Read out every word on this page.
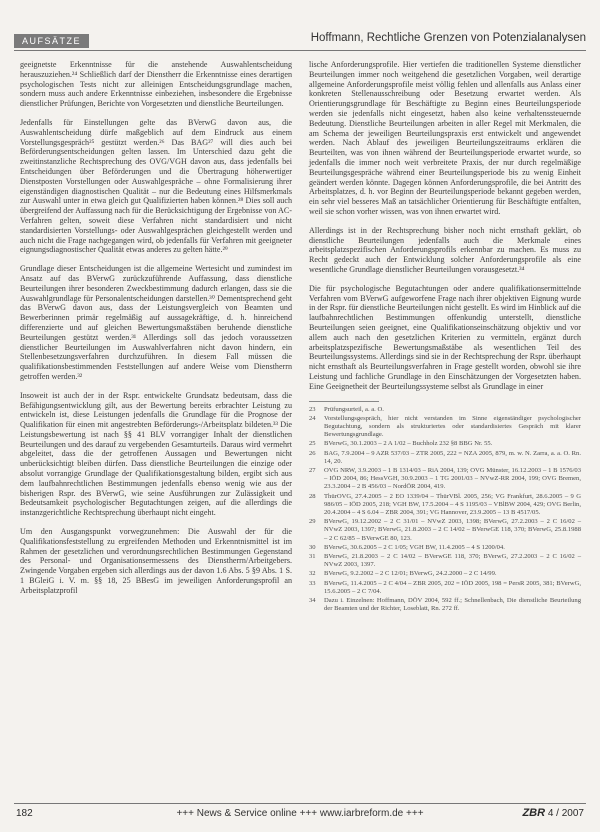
AUFSÄTZE	Hoffmann, Rechtliche Grenzen von Potenzialanalysen

geeignetste Erkenntnisse für die anstehende Auswahlentscheidung herauszuziehen.²⁴ Schließlich darf der Dienstherr die Erkenntnisse eines derartigen psychologischen Tests nicht zur alleinigen Entscheidungsgrundlage machen, sondern muss auch andere Erkenntnisse einbeziehen, insbesondere die Ergebnisse dienstlicher Prüfungen, Berichte von Vorgesetzten und dienstliche Beurteilungen.

Jedenfalls für Einstellungen gelte das BVerwG davon aus, die Auswahlentscheidung dürfe maßgeblich auf dem Eindruck aus einem Vorstellungsgespräch²⁵ gestützt werden.²⁶ Das BAG²⁷ will dies auch bei Beförderungsentscheidungen gelten lassen. Im Unterschied dazu geht die zweitinstanzliche Rechtsprechung des OVG/VGH davon aus, dass jedenfalls bei Entscheidungen über Beförderungen und die Übertragung höherwertiger Dienstposten Vorstellungen oder Auswahlgespräche – ohne Formalisierung ihrer eigenständigen diagnostischen Qualität – nur die Bedeutung eines Hilfsmerkmals zur Auswahl unter in etwa gleich gut Qualifizierten haben können.²⁸ Dies soll auch übergreifend der Auffassung nach für die Berücksichtigung der Ergebnisse von AC-Verfahren gelten, soweit diese Verfahren nicht standardisiert und nicht standardisierten Vorstellungs- oder Auswahlgesprächen gleichgestellt werden und auch nicht die Frage nachgegangen wird, ob jedenfalls für Verfahren mit geeigneter eignungsdiagnostischer Qualität etwas anderes zu gelten hätte.²⁹

Grundlage dieser Entscheidungen ist die allgemeine Wertesicht und zumindest im Ansatz auf das BVerwG zurückzuführende Auffassung, dass dienstliche Beurteilungen ihrer besonderen Zweckbestimmung dadurch erlangen, dass sie die Auswahlgrundlage für Personalentscheidungen darstellen.³⁰ Dementsprechend geht das BVerwG davon aus, dass der Leistungsvergleich von Beamten und Bewerberinnen primär regelmäßig auf aussagekräftige, d. h. hinreichend differenzierte und auf gleichen Bewertungsmaßstäben beruhende dienstliche Beurteilungen gestützt werden.³¹ Allerdings soll das jedoch voraussetzen dienstlicher Beurteilungen im Auswahlverfahren nicht davon hindern, ein Stellenbesetzungsverfahren durchzuführen. In diesem Fall müssen die qualifikationsbestimmenden Feststellungen auf andere Weise vom Dienstherrn getroffen werden.³²

Insoweit ist auch der in der Rspr. entwickelte Grundsatz bedeutsam, dass die Befähigungsentwicklung gilt, aus der Bewertung bereits erbrachter Leistung zu entwickeln ist, diese Leistungen jedenfalls die Grundlage für die Prognose der Qualifikation für einen mit angestrebten Beförderungs-/Arbeitsplatz bildeten.³³ Die Leistungsbewertung ist nach §§ 41 BLV vorrangiger Inhalt der dienstlichen Beurteilungen und des darauf zu vergebenden Gesamturteils. Daraus wird vermehrt abgeleitet, dass die der getroffenen Aussagen und Bewertungen nicht unberücksichtigt bleiben dürfen. Dass dienstliche Beurteilungen die einzige oder absolut vorrangige Grundlage der Qualifikationsgestaltung bilden, ergibt sich aus dem laufbahnrechtlichen Bestimmungen jedenfalls ebenso wenig wie aus der bisherigen Rspr. des BVerwG, wie seine Ausführungen zur Zulässigkeit und Bedeutsamkeit psychologischer Begutachtungen zeigen, auf die allerdings die instanzgerichtliche Rechtsprechung überhaupt nicht eingeht.

Um den Ausgangspunkt vorwegzunehmen: Die Auswahl der für die Qualifikationsfeststellung zu ergreifenden Methoden und Erkenntnismittel ist im Rahmen der gesetzlichen und verordnungsrechtlichen Bestimmungen Gegenstand des Personal- und Organisationsermessens des Dienstherrn/Arbeitgebers. Zwingende Vorgaben ergeben sich allerdings aus der davon 1.6 Abs. 5 §9 Abs. 1 S. 1 BGleiG i. V. m. §§ 18, 25 BBesG im jeweiligen Anforderungsprofil an Arbeitsplatzprofil

lische Anforderungsprofile. Hier vertiefen die traditionellen Systeme dienstlicher Beurteilungen immer noch weitgehend die gesetzlichen Vorgaben, weil derartige allgemeine Anforderungsprofile meist völlig fehlen und allenfalls aus Anlass einer konkreten Stellenausschreibung oder Besetzung erwartet werden. Als Orientierungsgrundlage für Beschäftigte zu Beginn eines Beurteilungsperiode werden sie jedenfalls nicht eingesetzt, haben also keine verhaltenssteuernde Bedeutung. Dienstliche Beurteilungen arbeiten in aller Regel mit Merkmalen, die am Schema der jeweiligen Beurteilungspraxis erst entwickelt und angewendet werden. Nach Ablauf des jeweiligen Beurteilungszeitraums erklären die Beurteilten, was von ihnen während der Beurteilungsperiode erwartet wurde, so jedenfalls die immer noch weit verbreitete Praxis, der nur durch regelmäßige Beurteilungsgespräche während einer Beurteilungsperiode bis zu wenig Einheit geändert werden könnte. Dagegen können Anforderungsprofile, die bei Antritt des Arbeitsplatzes, d. h. vor Beginn der Beurteilungsperiode bekannt gegeben werden, ein sehr viel besseres Maß an tatsächlicher Orientierung für Beschäftigte entfalten, weil sie schon vorher wissen, was von ihnen erwartet wird.

Allerdings ist in der Rechtsprechung bisher noch nicht ernsthaft geklärt, ob dienstliche Beurteilungen jedenfalls auch die Merkmale eines arbeitsplatzspezifischen Anforderungsprofils erkennbar zu machen. Es muss zu Recht gedeckt auch der Entwicklung solcher Anforderungsprofile als eine wesentliche Grundlage dienstlicher Beurteilungen vorausgesetzt.³⁴

Die für psychologische Begutachtungen oder andere qualifikationsermittelnde Verfahren vom BVerwG aufgeworfene Frage nach ihrer objektiven Eignung wurde in der Rspr. für dienstliche Beurteilungen nicht gestellt. Es wird im Hinblick auf die laufbahnrechtlichen Bestimmungen offenkundig unterstellt, dienstliche Beurteilungen seien geeignet, eine Qualifikationseinschätzung objektiv und vor allem auch nach den gesetzlichen Kriterien zu vermitteln, ergänzt durch arbeitsplatzspezifische Bewertungsmaßstäbe als wesentlichen Teil des Beurteilungssystems. Allerdings sind sie in der Rechtsprechung der Rspr. überhaupt nicht ernsthaft als Beurteilungsverfahren in Frage gestellt worden, obwohl sie ihre Leistung und fachliche Grundlage in den Einschätzungen der Vorgesetzten haben. Eine Geeignetheit der Beurteilungssysteme selbst als Grundlage in einer

23	Prüfungsurteil, a. a. O.
24	Vorstellungsgespräch, hier nicht verstanden im Sinne eigenständiger psychologischer Begutachtung, sondern als strukturiertes oder standardisiertes Gespräch mit klarer Bewertungsgrundlage.
25	BVerwG, 30.1.2003 – 2 A 1/02 – Buchholz 232 §8 BBG Nr. 55.
26	BAG, 7.9.2004 – 9 AZR 537/03 – ZTR 2005, 222 = NZA 2005, 879, m. w. N. Zarra, a. a. O. Rn. 14, 20.
27	OVG NRW, 3.9.2003 – 1 B 1314/03 – RiA 2004, 139; OVG Münster, 16.12.2003 – 1 B 1576/03 – IÖD 2004, 86; HessVGH, 30.9.2003 – 1 TG 2001/03 – NVwZ-RR 2004, 199; OVG Bremen, 23.3.2004 – 2 B 456/03 – NordÖR 2004, 419.
28	ThürOVG, 27.4.2005 – 2 EO 1339/04 – ThürVBl. 2005, 256; VG Frankfurt, 28.6.2005 – 9 G 986/05 – IÖD 2005, 218; VGH BW, 17.5.2004 – 4 S 1195/03 – VBlBW 2004, 429; OVG Berlin, 20.4.2004 – 4 S 6.04 – ZBR 2004, 391; VG Hannover, 23.9.2005 – 13 B 4517/05.
29	BVerwG, 19.12.2002 – 2 C 31/01 – NVwZ 2003, 1398; BVerwG, 27.2.2003 – 2 C 16/02 – NVwZ 2003, 1397; BVerwG, 21.8.2003 – 2 C 14/02 – BVerwGE 118, 370; BVerwG, 25.8.1988 – 2 C 62/85 – BVerwGE 80, 123.
30	BVerwG, 30.6.2005 – 2 C 1/05; VGH BW, 11.4.2005 – 4 S 1200/04.
31	BVerwG, 21.8.2003 – 2 C 14/02 – BVerwGE 118, 370; BVerwG, 27.2.2003 – 2 C 16/02 – NVwZ 2003, 1397.
32	BVerwG, 9.2.2002 – 2 C 12/01; BVerwG, 24.2.2000 – 2 C 14/99.
33	BVerwG, 11.4.2005 – 2 C 4/04 – ZBR 2005, 202 = IÖD 2005, 198 = PersR 2005, 381; BVerwG, 15.6.2005 – 2 C 7/04.
34	Dazu i. Einzelnen: Hoffmann, DÖV 2004, 592 ff.; Schnellenbach, Die dienstliche Beurteilung der Beamten und der Richter, Loseblatt, Rn. 272 ff.
182	+++ News & Service online +++ www.iarbreform.de +++	ZBR 4 / 2007
